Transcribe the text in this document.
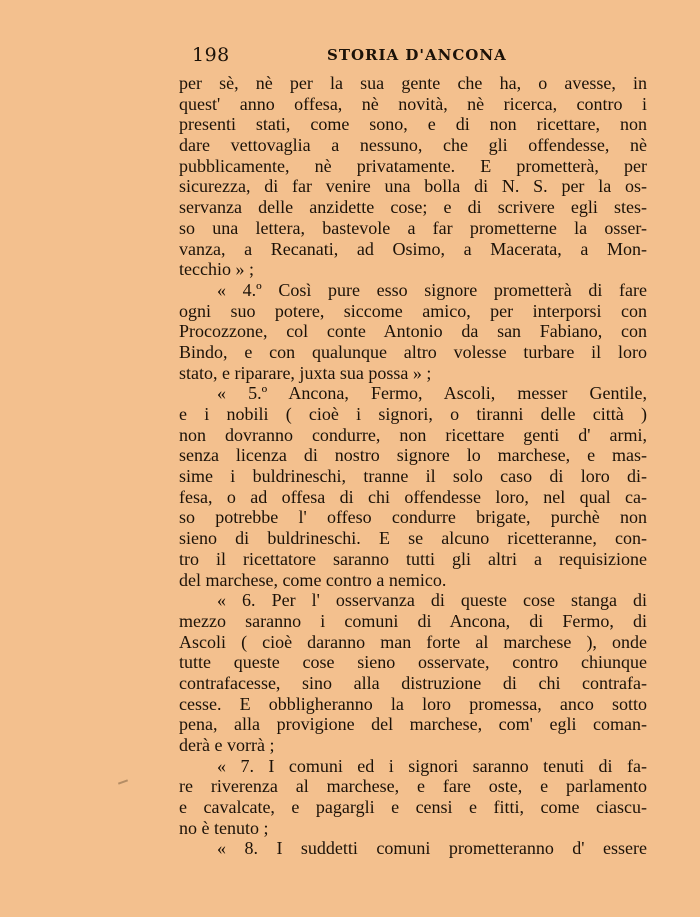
198	STORIA D'ANCONA
per sè, nè per la sua gente che ha, o avesse, in
quest' anno offesa, nè novità, nè ricerca, contro i
presenti stati, come sono, e di non ricettare, non
dare vettovaglia a nessuno, che gli offendesse, nè
pubblicamente, nè privatamente. E prometterà, per
sicurezza, di far venire una bolla di N. S. per la os-
servanza delle anzidette cose; e di scrivere egli stes-
so una lettera, bastevole a far prometterne la osser-
vanza, a Recanati, ad Osimo, a Macerata, a Mon-
tecchio » ;
« 4.º Così pure esso signore prometterà di fare
ogni suo potere, siccome amico, per interporsi con
Procozzone, col conte Antonio da san Fabiano, con
Bindo, e con qualunque altro volesse turbare il loro
stato, e riparare, juxta sua possa » ;
« 5.º Ancona, Fermo, Ascoli, messer Gentile,
e i nobili ( cioè i signori, o tiranni delle città )
non dovranno condurre, non ricettare genti d' armi,
senza licenza di nostro signore lo marchese, e mas-
sime i buldrineschi, tranne il solo caso di loro di-
fesa, o ad offesa di chi offendesse loro, nel qual ca-
so potrebbe l' offeso condurre brigate, purchè non
sieno di buldrineschi. E se alcuno ricetteranne, con-
tro il ricettatore saranno tutti gli altri a requisizione
del marchese, come contro a nemico.
« 6. Per l' osservanza di queste cose stanga di
mezzo saranno i comuni di Ancona, di Fermo, di
Ascoli ( cioè daranno man forte al marchese ), onde
tutte queste cose sieno osservate, contro chiunque
contrafacesse, sino alla distruzione di chi contrafa-
cesse. E obbligheranno la loro promessa, anco sotto
pena, alla provigione del marchese, com' egli coman-
derà e vorrà ;
« 7. I comuni ed i signori saranno tenuti di fa-
re riverenza al marchese, e fare oste, e parlamento
e cavalcate, e pagargli e censi e fitti, come ciascu-
no è tenuto ;
« 8. I suddetti comuni prometteranno d' essere
